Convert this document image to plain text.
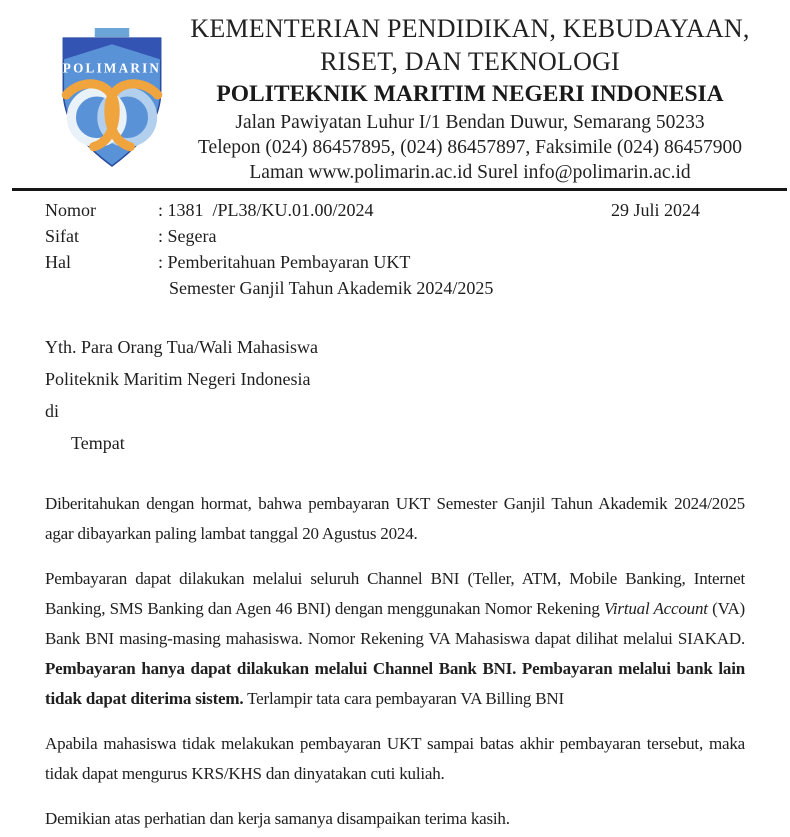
POLIMARIN
KEMENTERIAN PENDIDIKAN, KEBUDAYAAN,
RISET, DAN TEKNOLOGI
POLITEKNIK MARITIM NEGERI INDONESIA
Jalan Pawiyatan Luhur I/1 Bendan Duwur, Semarang 50233
Telepon (024) 86457895, (024) 86457897, Faksimile (024) 86457900
Laman www.polimarin.ac.id Surel info@polimarin.ac.id
29 Juli 2024
Nomor	: 1381  /PL38/KU.01.00/2024
Sifat	: Segera
Hal	: Pemberitahuan Pembayaran UKT
Semester Ganjil Tahun Akademik 2024/2025
Yth. Para Orang Tua/Wali Mahasiswa
Politeknik Maritim Negeri Indonesia
di
Tempat

Diberitahukan dengan hormat, bahwa pembayaran UKT Semester Ganjil Tahun Akademik 2024/2025 agar dibayarkan paling lambat tanggal 20 Agustus 2024.

Pembayaran dapat dilakukan melalui seluruh Channel BNI (Teller, ATM, Mobile Banking, Internet Banking, SMS Banking dan Agen 46 BNI) dengan menggunakan Nomor Rekening Virtual Account (VA) Bank BNI masing-masing mahasiswa. Nomor Rekening VA Mahasiswa dapat dilihat melalui SIAKAD. Pembayaran hanya dapat dilakukan melalui Channel Bank BNI. Pembayaran melalui bank lain tidak dapat diterima sistem. Terlampir tata cara pembayaran VA Billing BNI

Apabila mahasiswa tidak melakukan pembayaran UKT sampai batas akhir pembayaran tersebut, maka tidak dapat mengurus KRS/KHS dan dinyatakan cuti kuliah.

Demikian atas perhatian dan kerja samanya disampaikan terima kasih.
